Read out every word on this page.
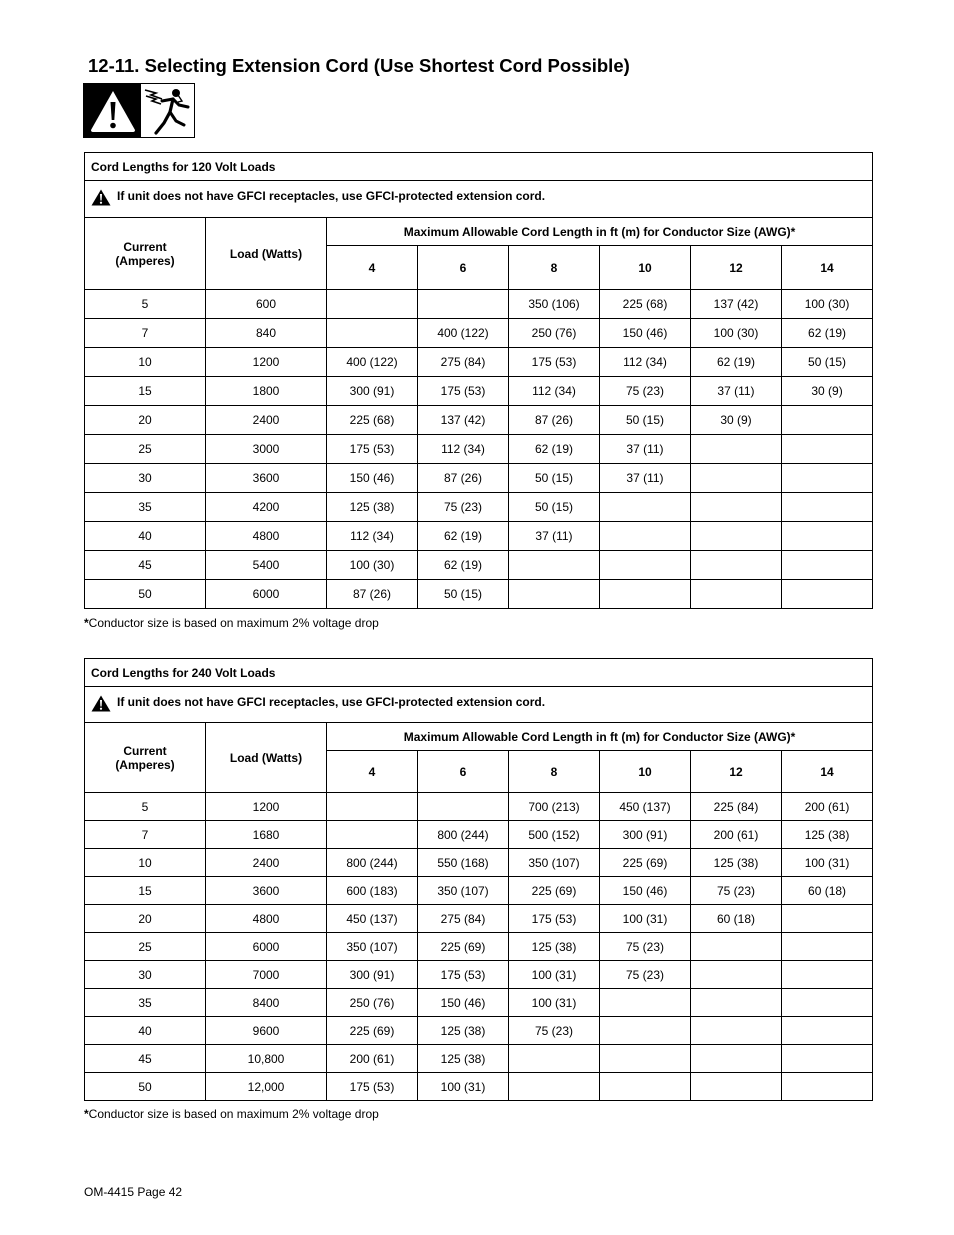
12-11. Selecting Extension Cord (Use Shortest Cord Possible)
Cord Lengths for 120 Volt Loads							
If unit does not have GFCI receptacles, use GFCI-protected extension cord.							
Current
(Amperes)	Load (Watts)	Maximum Allowable Cord Length in ft (m) for Conductor Size (AWG)*					
		4	6	8	10	12	14
5	600			350 (106)	225 (68)	137 (42)	100 (30)
7	840		400 (122)	250 (76)	150 (46)	100 (30)	62 (19)
10	1200	400 (122)	275 (84)	175 (53)	112 (34)	62 (19)	50 (15)
15	1800	300 (91)	175 (53)	112 (34)	75 (23)	37 (11)	30 (9)
20	2400	225 (68)	137 (42)	87 (26)	50 (15)	30 (9)	
25	3000	175 (53)	112 (34)	62 (19)	37 (11)		
30	3600	150 (46)	87 (26)	50 (15)	37 (11)		
35	4200	125 (38)	75 (23)	50 (15)			
40	4800	112 (34)	62 (19)	37 (11)			
45	5400	100 (30)	62 (19)				
50	6000	87 (26)	50 (15)				
*Conductor size is based on maximum 2% voltage drop
Cord Lengths for 240 Volt Loads							
If unit does not have GFCI receptacles, use GFCI-protected extension cord.							
Current
(Amperes)	Load (Watts)	Maximum Allowable Cord Length in ft (m) for Conductor Size (AWG)*					
		4	6	8	10	12	14
5	1200			700 (213)	450 (137)	225 (84)	200 (61)
7	1680		800 (244)	500 (152)	300 (91)	200 (61)	125 (38)
10	2400	800 (244)	550 (168)	350 (107)	225 (69)	125 (38)	100 (31)
15	3600	600 (183)	350 (107)	225 (69)	150 (46)	75 (23)	60 (18)
20	4800	450 (137)	275 (84)	175 (53)	100 (31)	60 (18)	
25	6000	350 (107)	225 (69)	125 (38)	75 (23)		
30	7000	300 (91)	175 (53)	100 (31)	75 (23)		
35	8400	250 (76)	150 (46)	100 (31)			
40	9600	225 (69)	125 (38)	75 (23)			
45	10,800	200 (61)	125 (38)				
50	12,000	175 (53)	100 (31)				
*Conductor size is based on maximum 2% voltage drop
OM-4415 Page 42
